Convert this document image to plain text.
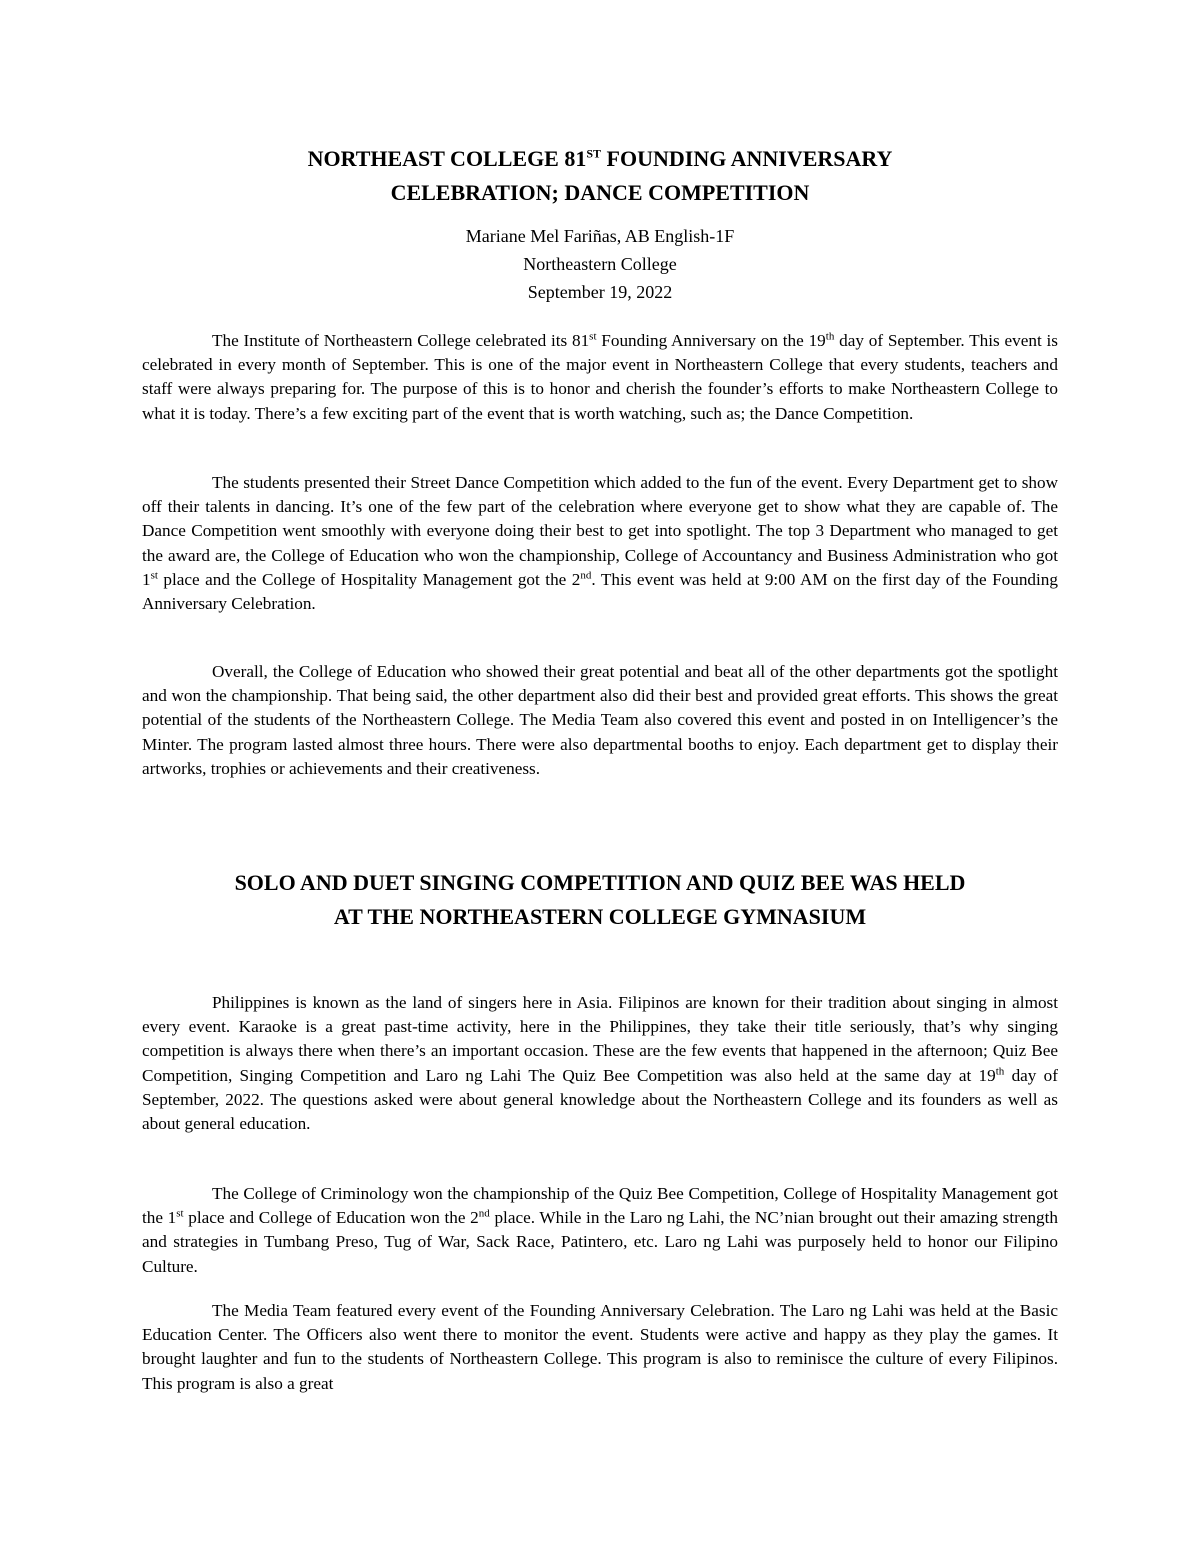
NORTHEAST COLLEGE 81ST FOUNDING ANNIVERSARY
CELEBRATION; DANCE COMPETITION
Mariane Mel Fariñas, AB English-1F
Northeastern College
September 19, 2022

The Institute of Northeastern College celebrated its 81st Founding Anniversary on the 19th day of September. This event is celebrated in every month of September. This is one of the major event in Northeastern College that every students, teachers and staff were always preparing for. The purpose of this is to honor and cherish the founder’s efforts to make Northeastern College to what it is today. There’s a few exciting part of the event that is worth watching, such as; the Dance Competition.

The students presented their Street Dance Competition which added to the fun of the event. Every Department get to show off their talents in dancing. It’s one of the few part of the celebration where everyone get to show what they are capable of. The Dance Competition went smoothly with everyone doing their best to get into spotlight. The top 3 Department who managed to get the award are, the College of Education who won the championship, College of Accountancy and Business Administration who got 1st place and the College of Hospitality Management got the 2nd. This event was held at 9:00 AM on the first day of the Founding Anniversary Celebration.

Overall, the College of Education who showed their great potential and beat all of the other departments got the spotlight and won the championship. That being said, the other department also did their best and provided great efforts. This shows the great potential of the students of the Northeastern College. The Media Team also covered this event and posted in on Intelligencer’s the Minter. The program lasted almost three hours. There were also departmental booths to enjoy. Each department get to display their artworks, trophies or achievements and their creativeness.

SOLO AND DUET SINGING COMPETITION AND QUIZ BEE WAS HELD
AT THE NORTHEASTERN COLLEGE GYMNASIUM

Philippines is known as the land of singers here in Asia. Filipinos are known for their tradition about singing in almost every event. Karaoke is a great past-time activity, here in the Philippines, they take their title seriously, that’s why singing competition is always there when there’s an important occasion. These are the few events that happened in the afternoon; Quiz Bee Competition, Singing Competition and Laro ng Lahi The Quiz Bee Competition was also held at the same day at 19th day of September, 2022. The questions asked were about general knowledge about the Northeastern College and its founders as well as about general education.

The College of Criminology won the championship of the Quiz Bee Competition, College of Hospitality Management got the 1st place and College of Education won the 2nd place. While in the Laro ng Lahi, the NC’nian brought out their amazing strength and strategies in Tumbang Preso, Tug of War, Sack Race, Patintero, etc. Laro ng Lahi was purposely held to honor our Filipino Culture.

The Media Team featured every event of the Founding Anniversary Celebration. The Laro ng Lahi was held at the Basic Education Center. The Officers also went there to monitor the event. Students were active and happy as they play the games. It brought laughter and fun to the students of Northeastern College. This program is also to reminisce the culture of every Filipinos. This program is also a great
